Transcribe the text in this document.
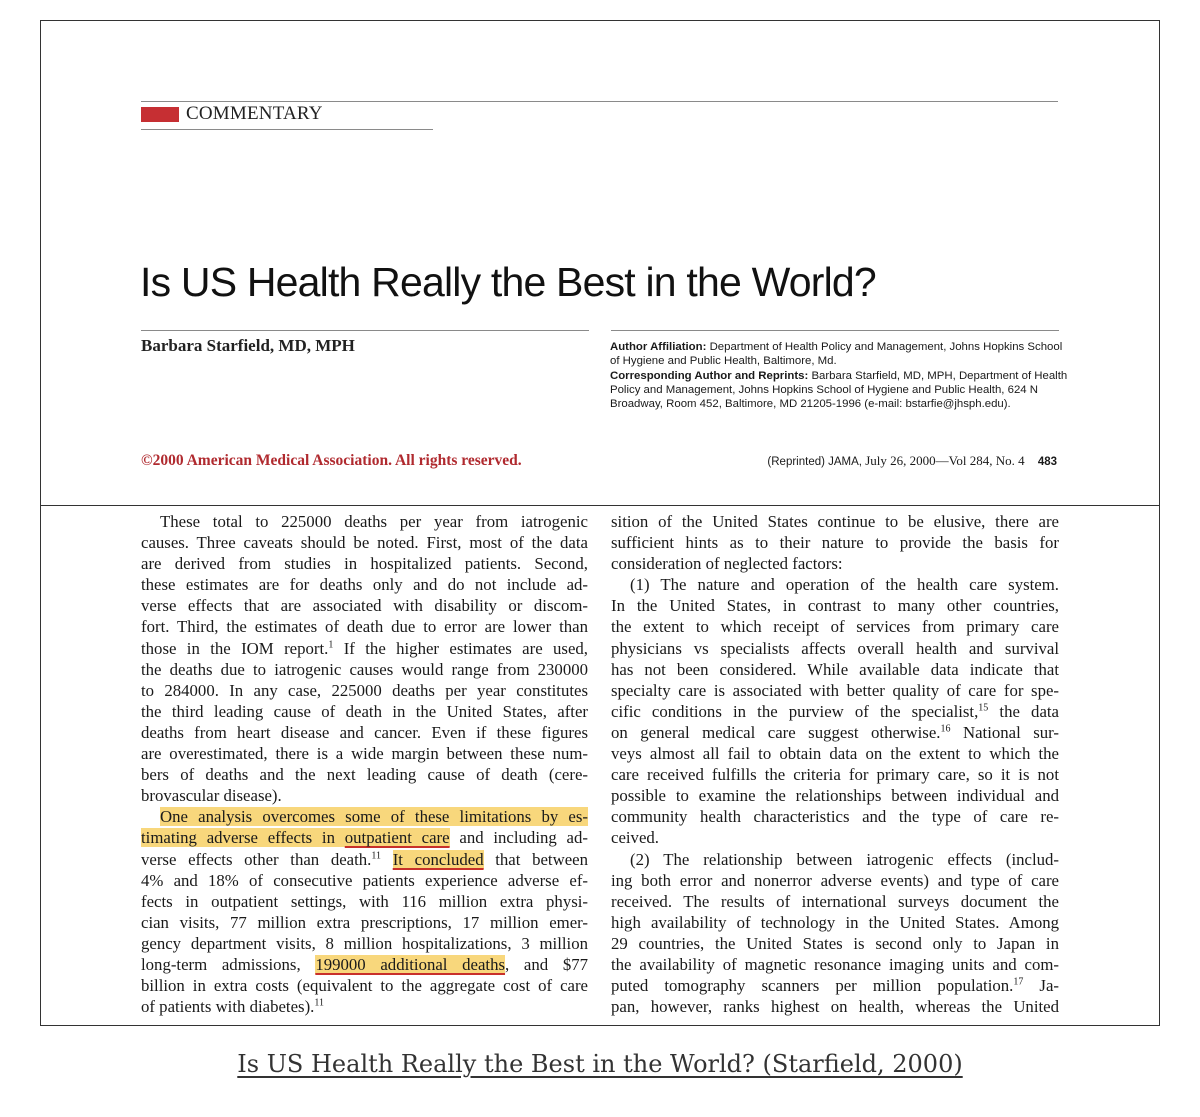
COMMENTARY
Is US Health Really the Best in the World?
Barbara Starfield, MD, MPH	Author Affiliation: Department of Health Policy and Management, Johns Hopkins School of Hygiene and Public Health, Baltimore, Md.
Corresponding Author and Reprints: Barbara Starfield, MD, MPH, Department of Health Policy and Management, Johns Hopkins School of Hygiene and Public Health, 624 N Broadway, Room 452, Baltimore, MD 21205-1996 (e-mail: bstarfie@jhsph.edu).
©2000 American Medical Association. All rights reserved.	(Reprinted) JAMA, July 26, 2000—Vol 284, No. 4 483
These total to 225000 deaths per year from iatrogenic
causes. Three caveats should be noted. First, most of the data
are derived from studies in hospitalized patients. Second,
these estimates are for deaths only and do not include ad-
verse effects that are associated with disability or discom-
fort. Third, the estimates of death due to error are lower than
those in the IOM report.$^1$ If the higher estimates are used,
the deaths due to iatrogenic causes would range from 230000
to 284000. In any case, 225000 deaths per year constitutes
the third leading cause of death in the United States, after
deaths from heart disease and cancer. Even if these figures
are overestimated, there is a wide margin between these num-
bers of deaths and the next leading cause of death (cere-
brovascular disease).
One analysis overcomes some of these limitations by es-
timating adverse effects in outpatient care and including ad-
verse effects other than death.$^{11}$ It concluded that between
4% and 18% of consecutive patients experience adverse ef-
fects in outpatient settings, with 116 million extra physi-
cian visits, 77 million extra prescriptions, 17 million emer-
gency department visits, 8 million hospitalizations, 3 million
long-term admissions, 199000 additional deaths, and $77
billion in extra costs (equivalent to the aggregate cost of care
of patients with diabetes).$^{11}$
sition of the United States continue to be elusive, there are
sufficient hints as to their nature to provide the basis for
consideration of neglected factors:
(1) The nature and operation of the health care system.
In the United States, in contrast to many other countries,
the extent to which receipt of services from primary care
physicians vs specialists affects overall health and survival
has not been considered. While available data indicate that
specialty care is associated with better quality of care for spe-
cific conditions in the purview of the specialist,$^{15}$ the data
on general medical care suggest otherwise.$^{16}$ National sur-
veys almost all fail to obtain data on the extent to which the
care received fulfills the criteria for primary care, so it is not
possible to examine the relationships between individual and
community health characteristics and the type of care re-
ceived.
(2) The relationship between iatrogenic effects (includ-
ing both error and nonerror adverse events) and type of care
received. The results of international surveys document the
high availability of technology in the United States. Among
29 countries, the United States is second only to Japan in
the availability of magnetic resonance imaging units and com-
puted tomography scanners per million population.$^{17}$ Ja-
pan, however, ranks highest on health, whereas the United
Is US Health Really the Best in the World? (Starfield, 2000)
